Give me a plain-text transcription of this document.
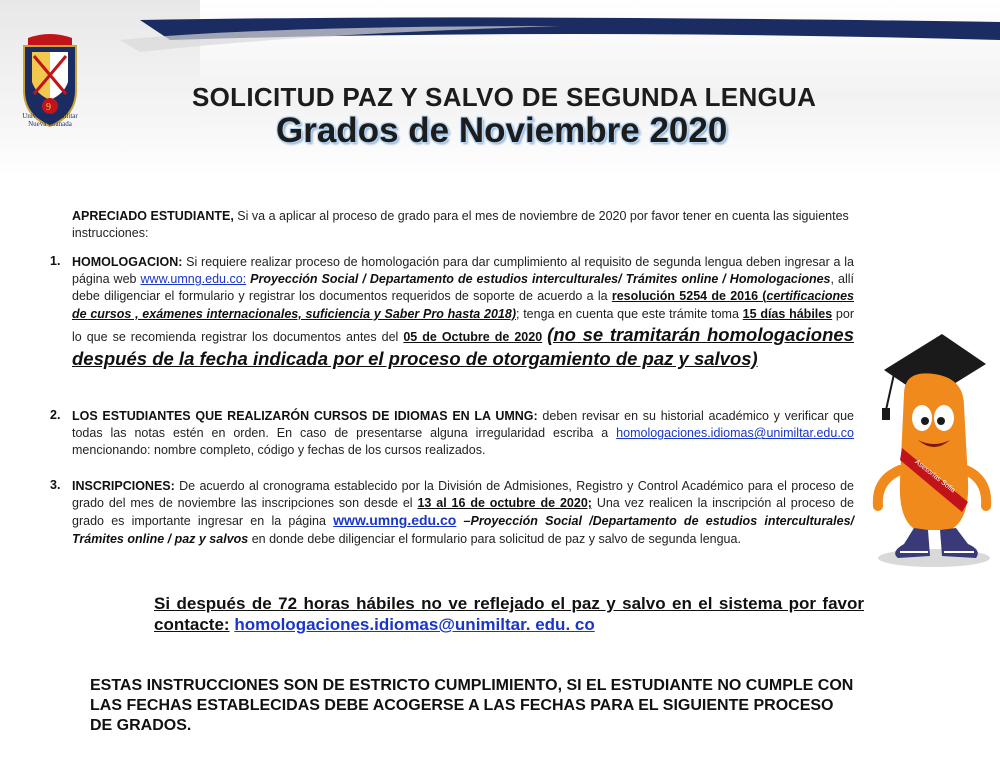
9
Universidad Militar
Nueva Granada
SOLICITUD PAZ Y SALVO DE SEGUNDA LENGUA
Grados de Noviembre 2020
APRECIADO ESTUDIANTE, Si va a aplicar al proceso de grado para el mes de noviembre de 2020 por favor tener en cuenta las siguientes instrucciones:
1. HOMOLOGACION: Si requiere realizar proceso de homologación para dar cumplimiento al requisito de segunda lengua deben ingresar a la página web www.umng.edu.co: Proyección Social / Departamento de estudios interculturales/ Trámites online / Homologaciones, allí debe diligenciar el formulario y registrar los documentos requeridos de soporte de acuerdo a la resolución 5254 de 2016 (certificaciones de cursos , exámenes internacionales, suficiencia y Saber Pro hasta 2018); tenga en cuenta que este trámite toma 15 días hábiles por lo que se recomienda registrar los documentos antes del 05 de Octubre de 2020 (no se tramitarán homologaciones después de la fecha indicada por el proceso de otorgamiento de paz y salvos)
2. LOS ESTUDIANTES QUE REALIZARÓN CURSOS DE IDIOMAS EN LA UMNG: deben revisar en su historial académico y verificar que todas las notas estén en orden. En caso de presentarse alguna irregularidad escriba a homologaciones.idiomas@unimiltar.edu.co mencionando: nombre completo, código y fechas de los cursos realizados.
3. INSCRIPCIONES: De acuerdo al cronograma establecido por la División de Admisiones, Registro y Control Académico para el proceso de grado del mes de noviembre las inscripciones son desde el 13 al 16 de octubre de 2020; Una vez realicen la inscripción al proceso de grado es importante ingresar en la página www.umng.edu.co –Proyección Social /Departamento de estudios interculturales/ Trámites online / paz y salvos en donde debe diligenciar el formulario para solicitud de paz y salvo de segunda lengua.
Si después de 72 horas hábiles no ve reflejado el paz y salvo en el sistema por favor contacte: homologaciones.idiomas@unimiltar. edu. co
ESTAS INSTRUCCIONES SON DE ESTRICTO CUMPLIMIENTO, SI EL ESTUDIANTE NO CUMPLE CON LAS FECHAS ESTABLECIDAS DEBE ACOGERSE A LAS FECHAS PARA EL SIGUIENTE PROCESO DE GRADOS.
Asesorías Sofia
